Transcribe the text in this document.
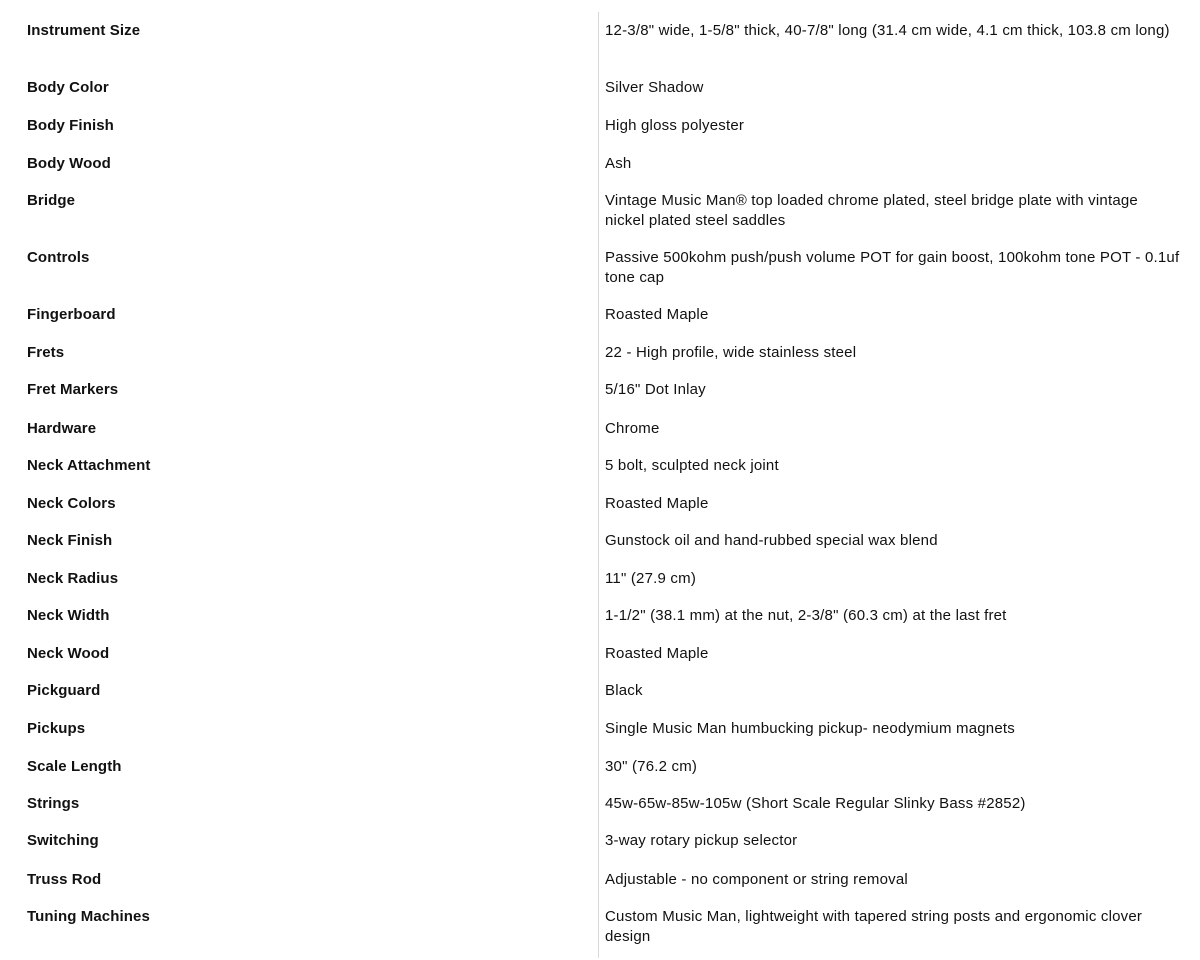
Instrument Size	12-3/8" wide, 1-5/8" thick, 40-7/8" long (31.4 cm wide, 4.1 cm thick, 103.8 cm long)
Body Color	Silver Shadow
Body Finish	High gloss polyester
Body Wood	Ash
Bridge	Vintage Music Man® top loaded chrome plated, steel bridge plate with vintage nickel plated steel saddles
Controls	Passive 500kohm push/push volume POT for gain boost, 100kohm tone POT - 0.1uf tone cap
Fingerboard	Roasted Maple
Frets	22 - High profile, wide stainless steel
Fret Markers	5/16" Dot Inlay
Hardware	Chrome
Neck Attachment	5 bolt, sculpted neck joint
Neck Colors	Roasted Maple
Neck Finish	Gunstock oil and hand-rubbed special wax blend
Neck Radius	11" (27.9 cm)
Neck Width	1-1/2" (38.1 mm) at the nut, 2-3/8" (60.3 cm) at the last fret
Neck Wood	Roasted Maple
Pickguard	Black
Pickups	Single Music Man humbucking pickup- neodymium magnets
Scale Length	30" (76.2 cm)
Strings	45w-65w-85w-105w (Short Scale Regular Slinky Bass #2852)
Switching	3-way rotary pickup selector
Truss Rod	Adjustable - no component or string removal
Tuning Machines	Custom Music Man, lightweight with tapered string posts and ergonomic clover design
